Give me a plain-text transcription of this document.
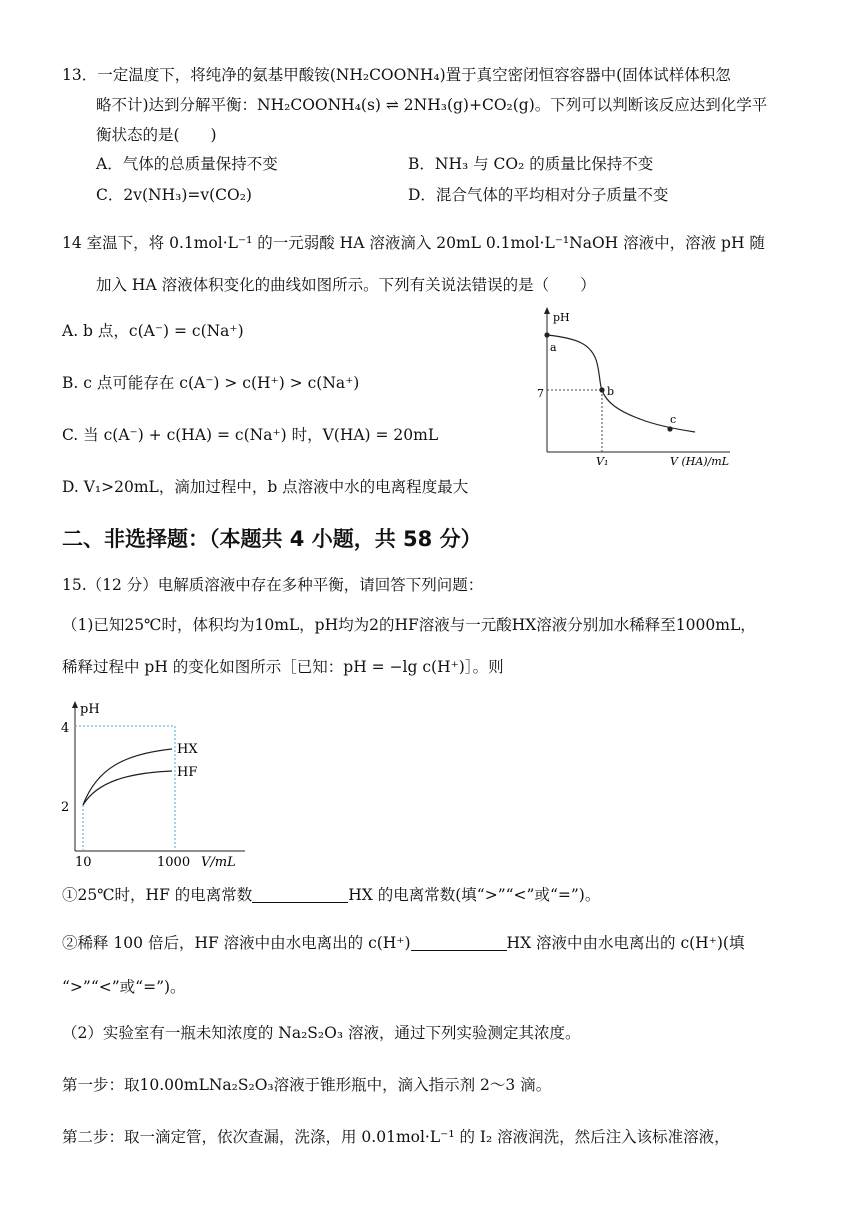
13．一定温度下，将纯净的氨基甲酸铵(NH₂COONH₄)置于真空密闭恒容容器中(固体试样体积忽
略不计)达到分解平衡：NH₂COONH₄(s) ⇌ 2NH₃(g)+CO₂(g)。下列可以判断该反应达到化学平
衡状态的是(　　)
A．气体的总质量保持不变	B．NH₃ 与 CO₂ 的质量比保持不变
C．2v(NH₃)=v(CO₂)	D．混合气体的平均相对分子质量不变
14 室温下，将 0.1mol·L⁻¹ 的一元弱酸 HA 溶液滴入 20mL 0.1mol·L⁻¹NaOH 溶液中，溶液 pH 随
加入 HA 溶液体积变化的曲线如图所示。下列有关说法错误的是（　　）
A. b 点，c(A⁻) = c(Na⁺)
B. c 点可能存在 c(A⁻) > c(H⁺) > c(Na⁺)
C. 当 c(A⁻) + c(HA) = c(Na⁺) 时，V(HA) = 20mL
D. V₁>20mL，滴加过程中，b 点溶液中水的电离程度最大
pH
7
V₁	V (HA)/mL
a
b
c
二、非选择题：（本题共 4 小题，共 58 分）
15.（12 分）电解质溶液中存在多种平衡，请回答下列问题：
（1)已知25℃时，体积均为10mL，pH均为2的HF溶液与一元酸HX溶液分别加水稀释至1000mL，
稀释过程中 pH 的变化如图所示［已知：pH = −lg c(H⁺)］。则
pH
4
2
10	1000 V/mL
HX
HF
①25℃时，HF 的电离常数	HX 的电离常数(填“>”“<”或“=”)。
②稀释 100 倍后，HF 溶液中由水电离出的 c(H⁺)	HX 溶液中由水电离出的 c(H⁺)(填
“>”“<”或“=”)。
（2）实验室有一瓶未知浓度的 Na₂S₂O₃ 溶液，通过下列实验测定其浓度。
第一步：取10.00mLNa₂S₂O₃溶液于锥形瓶中，滴入指示剂 2～3 滴。
第二步：取一滴定管，依次查漏，洗涤，用 0.01mol·L⁻¹ 的 I₂ 溶液润洗，然后注入该标准溶液，
